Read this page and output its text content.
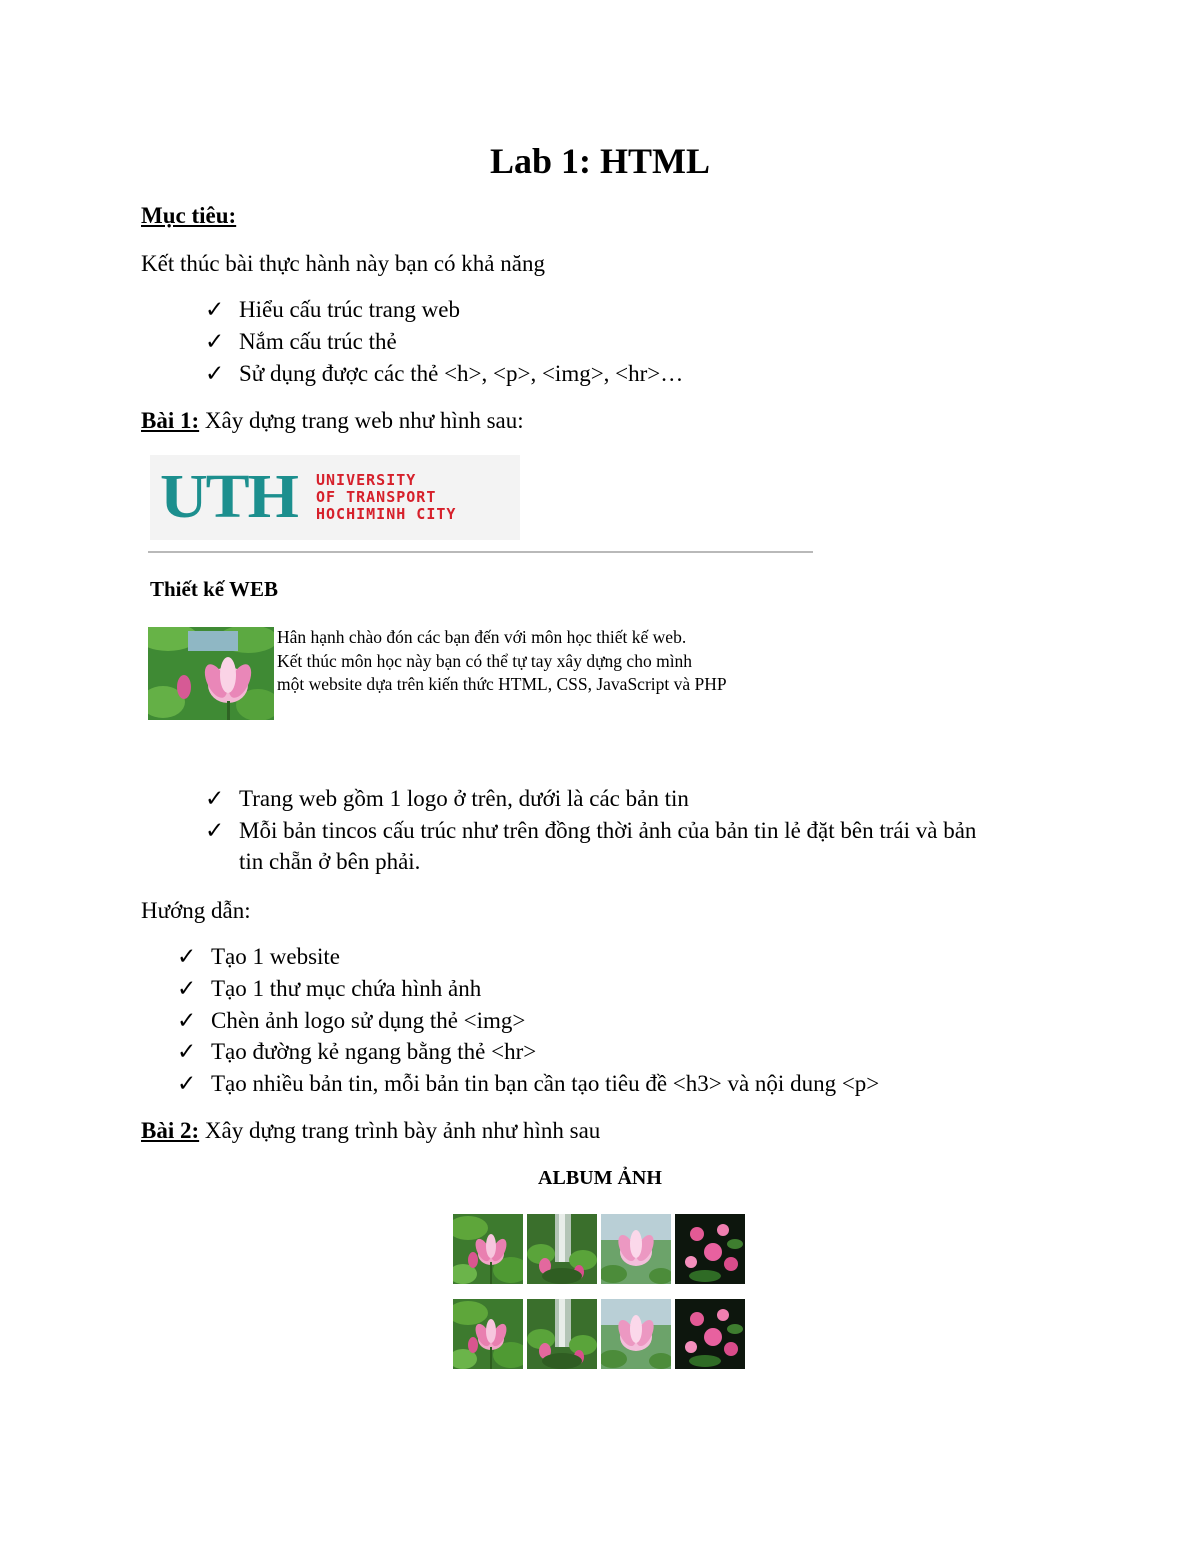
Lab 1: HTML
Mục tiêu:
Kết thúc bài thực hành này bạn có khả năng
✓ Hiểu cấu trúc trang web
✓ Nắm cấu trúc thẻ
✓ Sử dụng được các thẻ <h>, <p>, <img>, <hr>…
Bài 1: Xây dựng trang web như hình sau:
UTH UNIVERSITY
OF TRANSPORT
HOCHIMINH CITY
Thiết kế WEB
Hân hạnh chào đón các bạn đến với môn học thiết kế web.
Kết thúc môn học này bạn có thể tự tay xây dựng cho mình
một website dựa trên kiến thức HTML, CSS, JavaScript và PHP
✓ Trang web gồm 1 logo ở trên, dưới là các bản tin
✓ Mỗi bản tincos cấu trúc như trên đồng thời ảnh của bản tin lẻ đặt bên trái và bản
tin chẵn ở bên phải.
Hướng dẫn:
✓ Tạo 1 website
✓ Tạo 1 thư mục chứa hình ảnh
✓ Chèn ảnh logo sử dụng thẻ <img>
✓ Tạo đường kẻ ngang bằng thẻ <hr>
✓ Tạo nhiều bản tin, mỗi bản tin bạn cần tạo tiêu đề <h3> và nội dung <p>
Bài 2: Xây dựng trang trình bày ảnh như hình sau
ALBUM ẢNH
